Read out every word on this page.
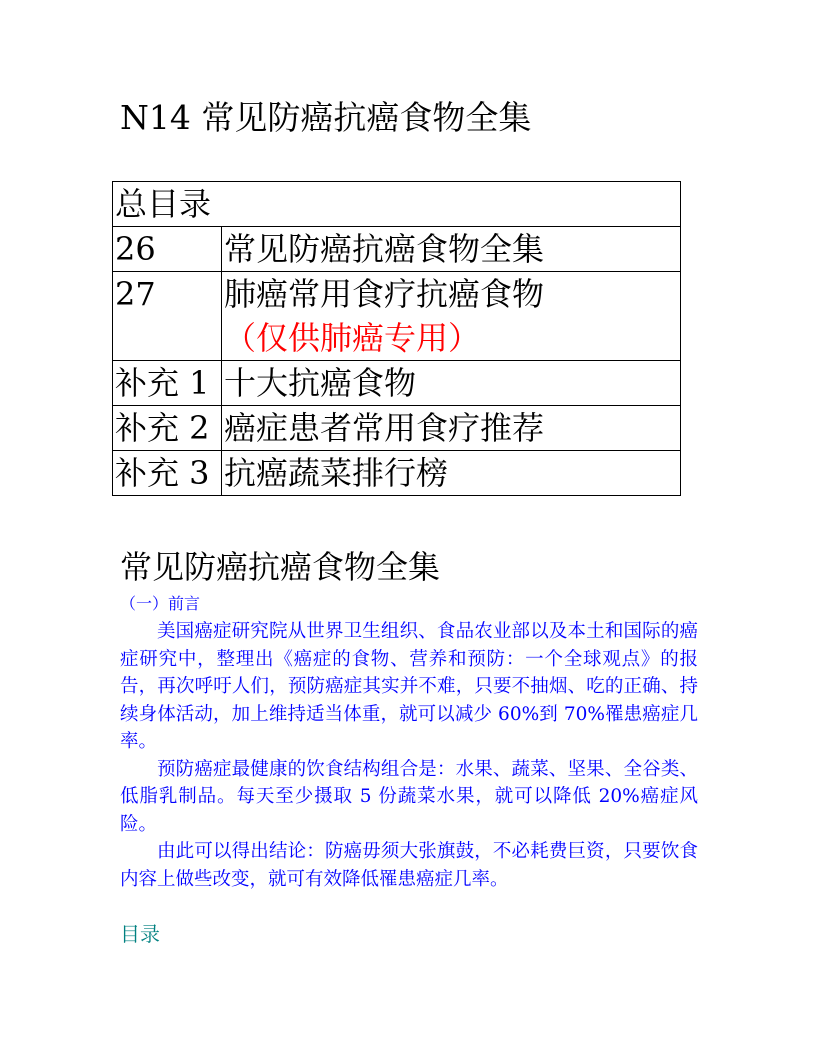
N14 常见防癌抗癌食物全集
总目录	
26	常见防癌抗癌食物全集
27	肺癌常用食疗抗癌食物
（仅供肺癌专用）

补充 1	十大抗癌食物
补充 2	癌症患者常用食疗推荐
补充 3	抗癌蔬菜排行榜
常见防癌抗癌食物全集
（一）前言

美国癌症研究院从世界卫生组织、食品农业部以及本土和国际的癌症研究中，整理出《癌症的食物、营养和预防：一个全球观点》的报告，再次呼吁人们，预防癌症其实并不难，只要不抽烟、吃的正确、持续身体活动，加上维持适当体重，就可以减少 60%到 70%罹患癌症几率。

预防癌症最健康的饮食结构组合是：水果、蔬菜、坚果、全谷类、低脂乳制品。每天至少摄取 5 份蔬菜水果，就可以降低 20%癌症风险。

由此可以得出结论：防癌毋须大张旗鼓，不必耗费巨资，只要饮食内容上做些改变，就可有效降低罹患癌症几率。

目录
